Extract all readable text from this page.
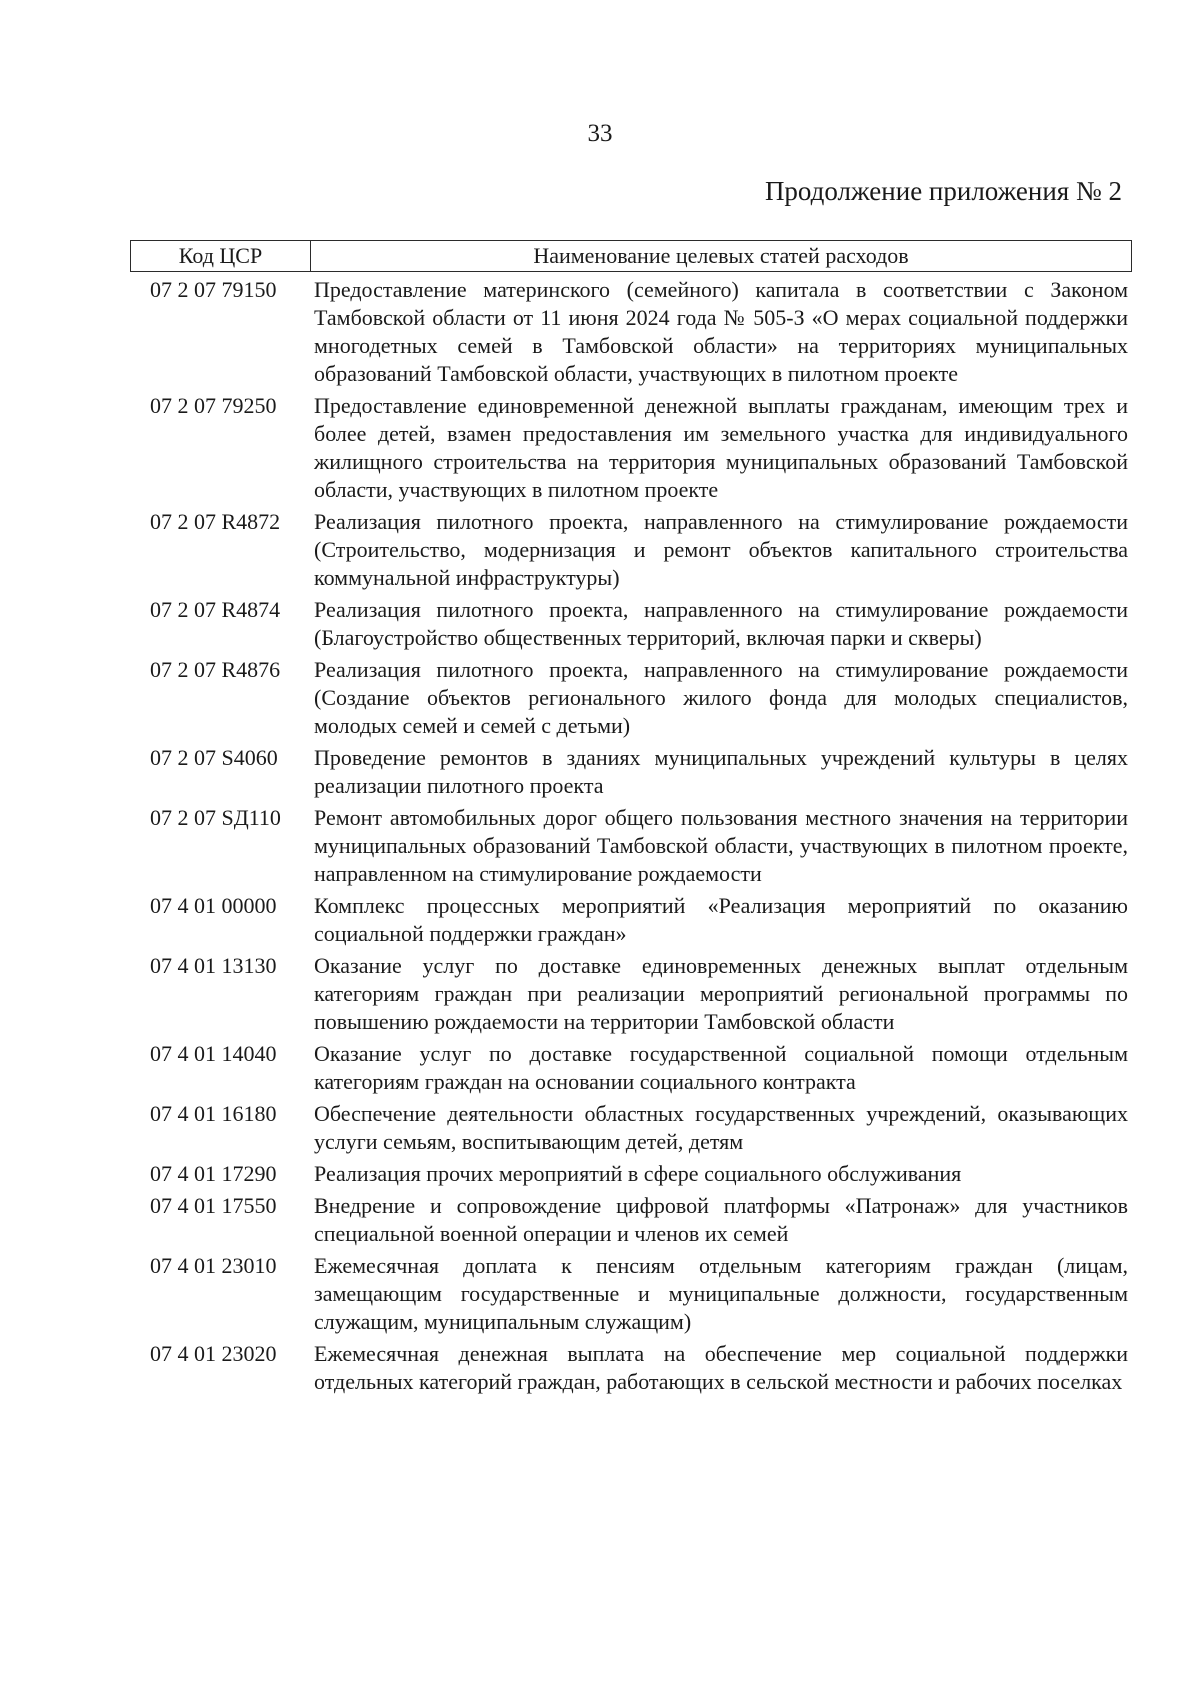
33
Продолжение приложения № 2
Код ЦСР	Наименование целевых статей расходов
07 2 07 79150	Предоставление материнского (семейного) капитала в соответствии с Законом Тамбовской области от 11 июня 2024 года № 505-З «О мерах социальной поддержки многодетных семей в Тамбовской области» на территориях муниципальных образований Тамбовской области, участвующих в пилотном проекте
07 2 07 79250	Предоставление единовременной денежной выплаты гражданам, имеющим трех и более детей, взамен предоставления им земельного участка для индивидуального жилищного строительства на территория муниципальных образований Тамбовской области, участвующих в пилотном проекте
07 2 07 R4872	Реализация пилотного проекта, направленного на стимулирование рождаемости (Строительство, модернизация и ремонт объектов капитального строительства коммунальной инфраструктуры)
07 2 07 R4874	Реализация пилотного проекта, направленного на стимулирование рождаемости (Благоустройство общественных территорий, включая парки и скверы)
07 2 07 R4876	Реализация пилотного проекта, направленного на стимулирование рождаемости (Создание объектов регионального жилого фонда для молодых специалистов, молодых семей и семей с детьми)
07 2 07 S4060	Проведение ремонтов в зданиях муниципальных учреждений культуры в целях реализации пилотного проекта
07 2 07 SД110	Ремонт автомобильных дорог общего пользования местного значения на территории муниципальных образований Тамбовской области, участвующих в пилотном проекте, направленном на стимулирование рождаемости
07 4 01 00000	Комплекс процессных мероприятий «Реализация мероприятий по оказанию социальной поддержки граждан»
07 4 01 13130	Оказание услуг по доставке единовременных денежных выплат отдельным категориям граждан при реализации мероприятий региональной программы по повышению рождаемости на территории Тамбовской области
07 4 01 14040	Оказание услуг по доставке государственной социальной помощи отдельным категориям граждан на основании социального контракта
07 4 01 16180	Обеспечение деятельности областных государственных учреждений, оказывающих услуги семьям, воспитывающим детей, детям
07 4 01 17290	Реализация прочих мероприятий в сфере социального обслуживания
07 4 01 17550	Внедрение и сопровождение цифровой платформы «Патронаж» для участников специальной военной операции и членов их семей
07 4 01 23010	Ежемесячная доплата к пенсиям отдельным категориям граждан (лицам, замещающим государственные и муниципальные должности, государственным служащим, муниципальным служащим)
07 4 01 23020	Ежемесячная денежная выплата на обеспечение мер социальной поддержки отдельных категорий граждан, работающих в сельской местности и рабочих поселках
